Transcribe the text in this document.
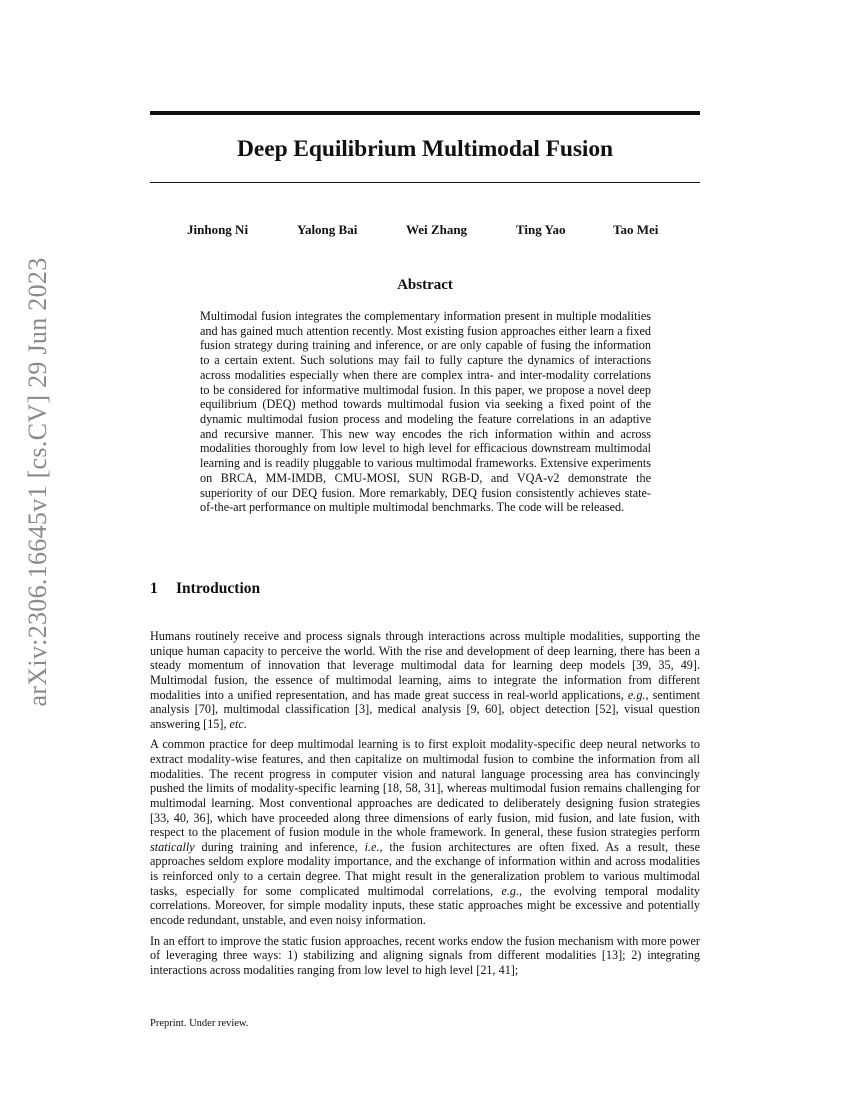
arXiv:2306.16645v1 [cs.CV] 29 Jun 2023
Deep Equilibrium Multimodal Fusion
Jinhong Ni	Yalong Bai	Wei Zhang	Ting Yao	Tao Mei
Abstract

Multimodal fusion integrates the complementary information present in multiple modalities and has gained much attention recently. Most existing fusion approaches either learn a fixed fusion strategy during training and inference, or are only capable of fusing the information to a certain extent. Such solutions may fail to fully capture the dynamics of interactions across modalities especially when there are complex intra- and inter-modality correlations to be considered for informative multimodal fusion. In this paper, we propose a novel deep equilibrium (DEQ) method towards multimodal fusion via seeking a fixed point of the dynamic multimodal fusion process and modeling the feature correlations in an adaptive and recursive manner. This new way encodes the rich information within and across modalities thoroughly from low level to high level for efficacious downstream multimodal learning and is readily pluggable to various multimodal frameworks. Extensive experiments on BRCA, MM-IMDB, CMU-MOSI, SUN RGB-D, and VQA-v2 demonstrate the superiority of our DEQ fusion. More remarkably, DEQ fusion consistently achieves state-of-the-art performance on multiple multimodal benchmarks. The code will be released.

1 Introduction

Humans routinely receive and process signals through interactions across multiple modalities, supporting the unique human capacity to perceive the world. With the rise and development of deep learning, there has been a steady momentum of innovation that leverage multimodal data for learning deep models [39, 35, 49]. Multimodal fusion, the essence of multimodal learning, aims to integrate the information from different modalities into a unified representation, and has made great success in real-world applications, e.g., sentiment analysis [70], multimodal classification [3], medical analysis [9, 60], object detection [52], visual question answering [15], etc.

A common practice for deep multimodal learning is to first exploit modality-specific deep neural networks to extract modality-wise features, and then capitalize on multimodal fusion to combine the information from all modalities. The recent progress in computer vision and natural language processing area has convincingly pushed the limits of modality-specific learning [18, 58, 31], whereas multimodal fusion remains challenging for multimodal learning. Most conventional approaches are dedicated to deliberately designing fusion strategies [33, 40, 36], which have proceeded along three dimensions of early fusion, mid fusion, and late fusion, with respect to the placement of fusion module in the whole framework. In general, these fusion strategies perform statically during training and inference, i.e., the fusion architectures are often fixed. As a result, these approaches seldom explore modality importance, and the exchange of information within and across modalities is reinforced only to a certain degree. That might result in the generalization problem to various multimodal tasks, especially for some complicated multimodal correlations, e.g., the evolving temporal modality correlations. Moreover, for simple modality inputs, these static approaches might be excessive and potentially encode redundant, unstable, and even noisy information.

In an effort to improve the static fusion approaches, recent works endow the fusion mechanism with more power of leveraging three ways: 1) stabilizing and aligning signals from different modalities [13]; 2) integrating interactions across modalities ranging from low level to high level [21, 41];

Preprint. Under review.
